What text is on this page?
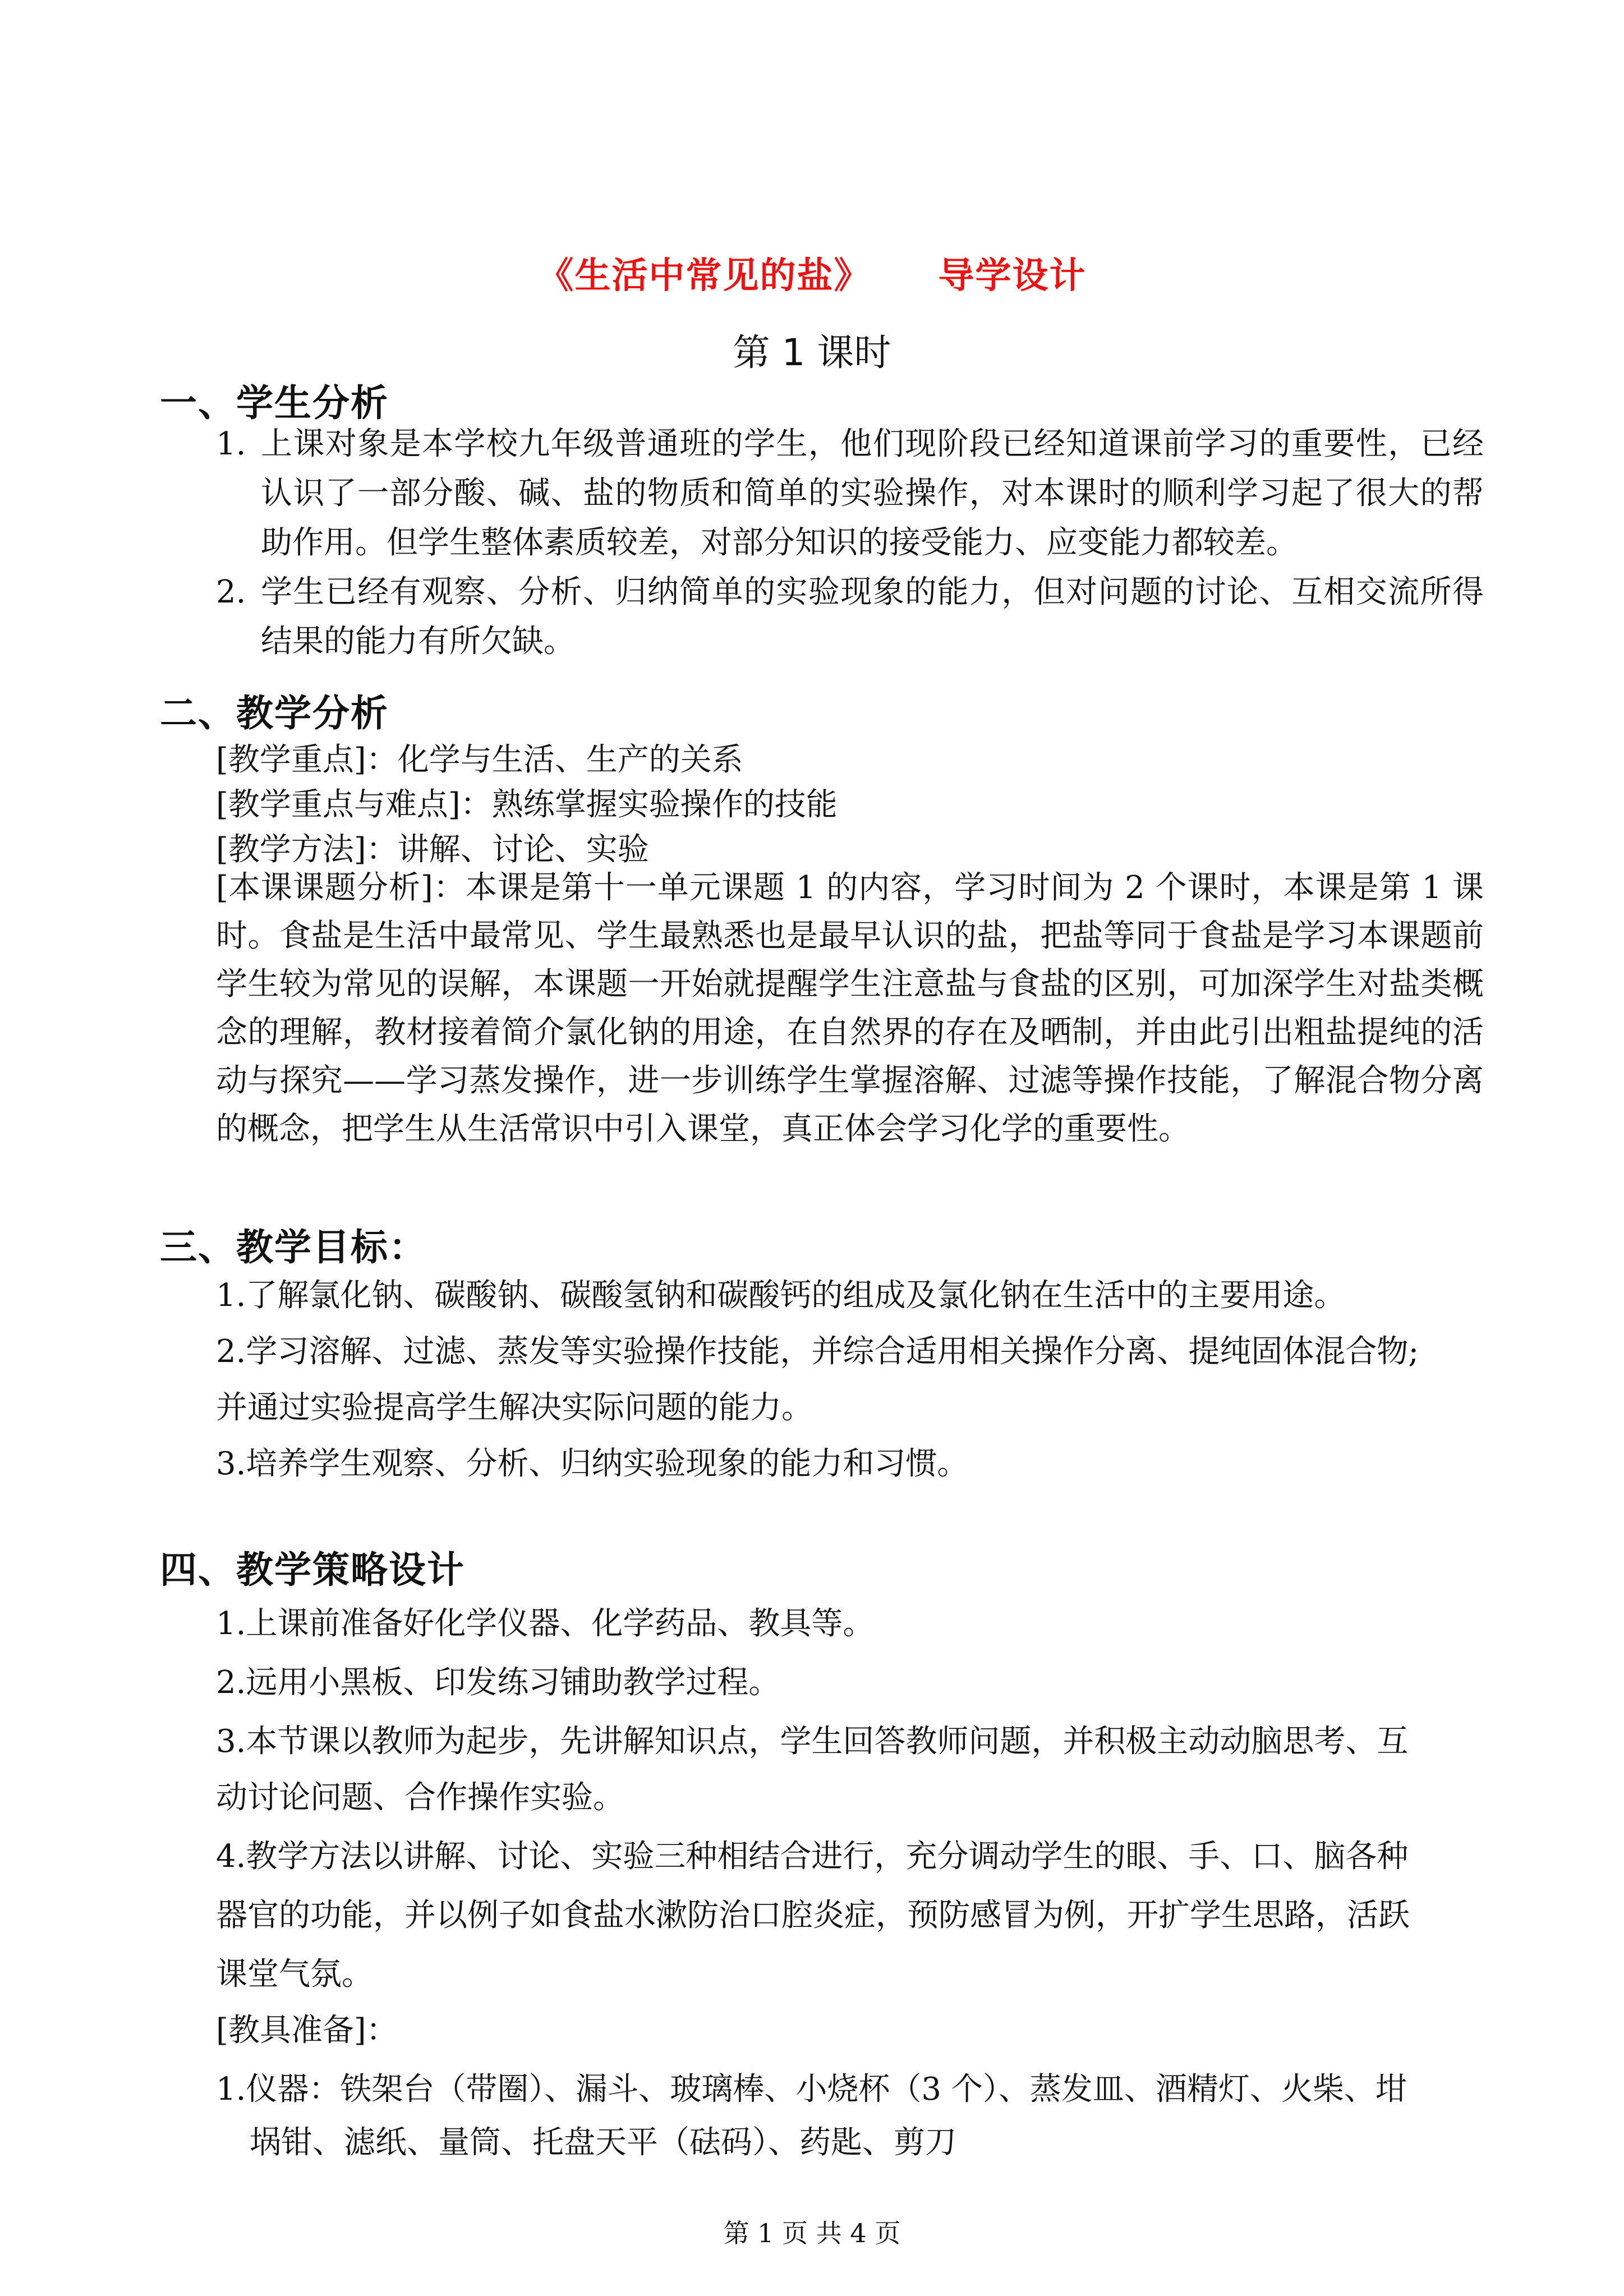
《生活中常见的盐》 导学设计
第 1 课时
一、学生分析
1. 上课对象是本学校九年级普通班的学生，他们现阶段已经知道课前学习的重要性，已经认识了一部分酸、碱、盐的物质和简单的实验操作，对本课时的顺利学习起了很大的帮助作用。但学生整体素质较差，对部分知识的接受能力、应变能力都较差。
2. 学生已经有观察、分析、归纳简单的实验现象的能力，但对问题的讨论、互相交流所得结果的能力有所欠缺。
二、教学分析
[教学重点]：化学与生活、生产的关系
[教学重点与难点]：熟练掌握实验操作的技能
[教学方法]：讲解、讨论、实验
[本课课题分析]：本课是第十一单元课题 1 的内容，学习时间为 2 个课时，本课是第 1 课时。食盐是生活中最常见、学生最熟悉也是最早认识的盐，把盐等同于食盐是学习本课题前学生较为常见的误解，本课题一开始就提醒学生注意盐与食盐的区别，可加深学生对盐类概念的理解，教材接着简介氯化钠的用途，在自然界的存在及晒制，并由此引出粗盐提纯的活动与探究——学习蒸发操作，进一步训练学生掌握溶解、过滤等操作技能，了解混合物分离的概念，把学生从生活常识中引入课堂，真正体会学习化学的重要性。
三、教学目标：
1.了解氯化钠、碳酸钠、碳酸氢钠和碳酸钙的组成及氯化钠在生活中的主要用途。
2.学习溶解、过滤、蒸发等实验操作技能，并综合适用相关操作分离、提纯固体混合物;
并通过实验提高学生解决实际问题的能力。
3.培养学生观察、分析、归纳实验现象的能力和习惯。
四、教学策略设计
1.上课前准备好化学仪器、化学药品、教具等。
2.远用小黑板、印发练习铺助教学过程。
3.本节课以教师为起步，先讲解知识点，学生回答教师问题，并积极主动动脑思考、互
动讨论问题、合作操作实验。
4.教学方法以讲解、讨论、实验三种相结合进行，充分调动学生的眼、手、口、脑各种
器官的功能，并以例子如食盐水漱防治口腔炎症，预防感冒为例，开扩学生思路，活跃
课堂气氛。
[教具准备]：
1.仪器：铁架台（带圈）、漏斗、玻璃棒、小烧杯（3 个）、蒸发皿、酒精灯、火柴、坩
埚钳、滤纸、量筒、托盘天平（砝码）、药匙、剪刀
第 1 页 共 4 页
